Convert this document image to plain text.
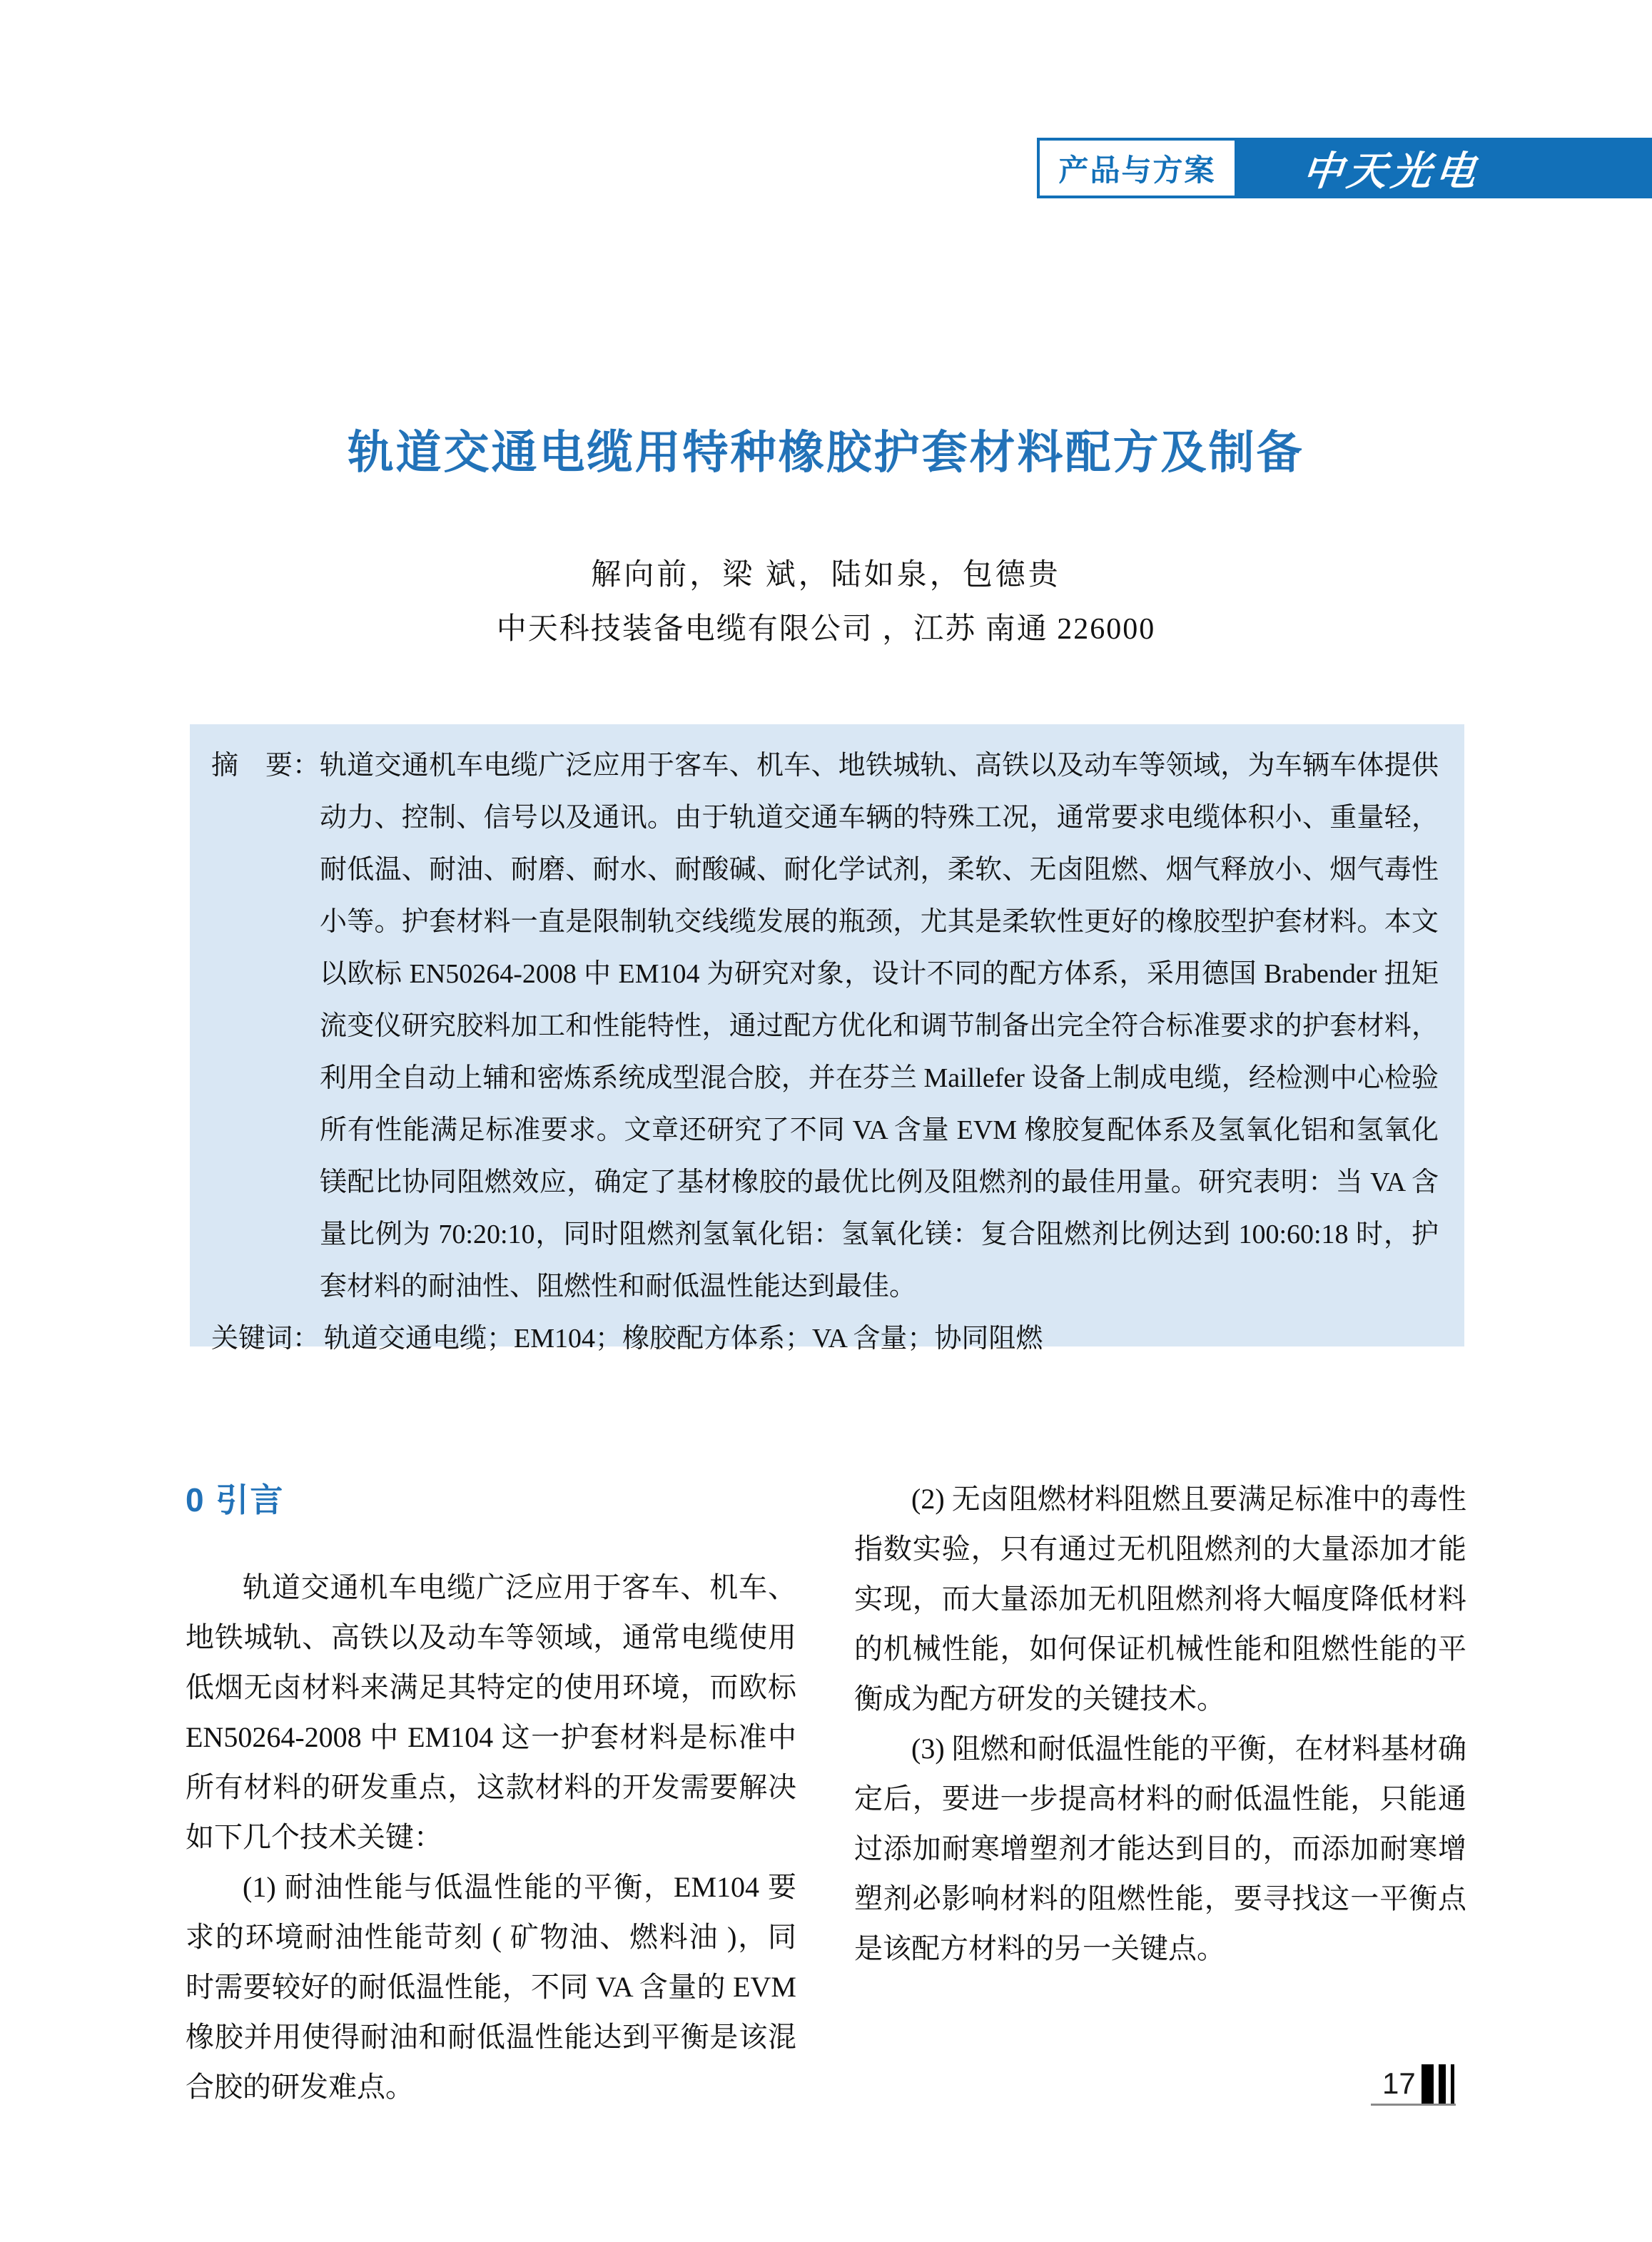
产品与方案 中天光电
轨道交通电缆用特种橡胶护套材料配方及制备
解向前，梁 斌，陆如泉，包德贵
中天科技装备电缆有限公司 ，江苏 南通 226000
摘　要： 轨道交通机车电缆广泛应用于客车、机车、地铁城轨、高铁以及动车等领域，为车辆车体提供动力、控制、信号以及通讯。由于轨道交通车辆的特殊工况，通常要求电缆体积小、重量轻，耐低温、耐油、耐磨、耐水、耐酸碱、耐化学试剂，柔软、无卤阻燃、烟气释放小、烟气毒性小等。护套材料一直是限制轨交线缆发展的瓶颈，尤其是柔软性更好的橡胶型护套材料。本文以欧标 EN50264-2008 中 EM104 为研究对象，设计不同的配方体系，采用德国 Brabender 扭矩流变仪研究胶料加工和性能特性，通过配方优化和调节制备出完全符合标准要求的护套材料，利用全自动上辅和密炼系统成型混合胶，并在芬兰 Maillefer 设备上制成电缆，经检测中心检验所有性能满足标准要求。文章还研究了不同 VA 含量 EVM 橡胶复配体系及氢氧化铝和氢氧化镁配比协同阻燃效应，确定了基材橡胶的最优比例及阻燃剂的最佳用量。研究表明：当 VA 含量比例为 70:20:10，同时阻燃剂氢氧化铝：氢氧化镁：复合阻燃剂比例达到 100:60:18 时，护套材料的耐油性、阻燃性和耐低温性能达到最佳。

关键词： 轨道交通电缆；EM104；橡胶配方体系；VA 含量；协同阻燃
0 引言

轨道交通机车电缆广泛应用于客车、机车、地铁城轨、高铁以及动车等领域，通常电缆使用低烟无卤材料来满足其特定的使用环境，而欧标 EN50264-2008 中 EM104 这一护套材料是标准中所有材料的研发重点，这款材料的开发需要解决如下几个技术关键：

(1) 耐油性能与低温性能的平衡，EM104 要求的环境耐油性能苛刻 ( 矿物油、燃料油 )，同时需要较好的耐低温性能，不同 VA 含量的 EVM 橡胶并用使得耐油和耐低温性能达到平衡是该混合胶的研发难点。

(2) 无卤阻燃材料阻燃且要满足标准中的毒性指数实验，只有通过无机阻燃剂的大量添加才能实现，而大量添加无机阻燃剂将大幅度降低材料的机械性能，如何保证机械性能和阻燃性能的平衡成为配方研发的关键技术。

(3) 阻燃和耐低温性能的平衡，在材料基材确定后，要进一步提高材料的耐低温性能，只能通过添加耐寒增塑剂才能达到目的，而添加耐寒增塑剂必影响材料的阻燃性能，要寻找这一平衡点是该配方材料的另一关键点。

17
